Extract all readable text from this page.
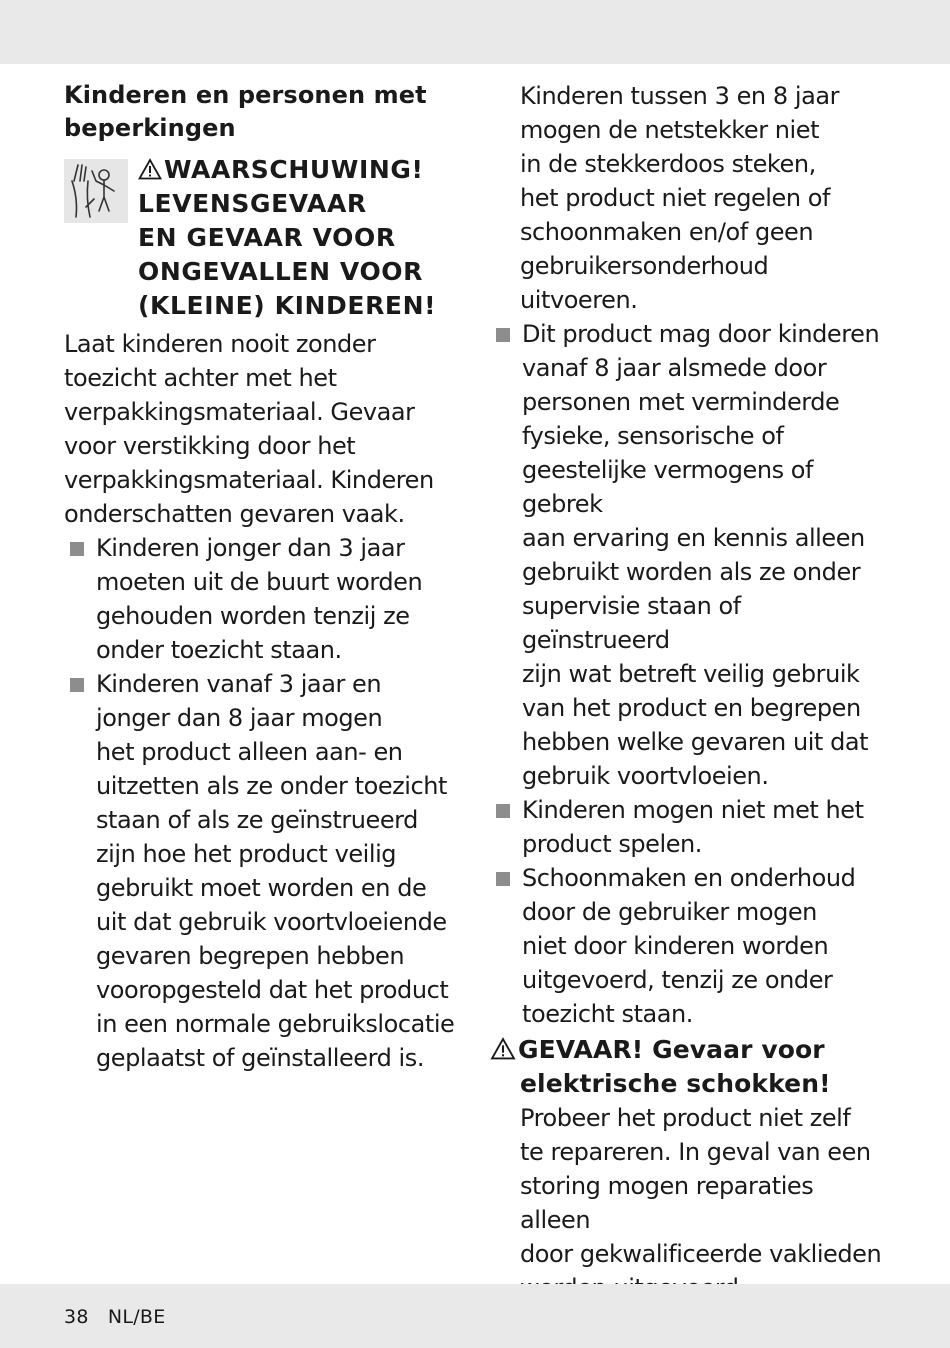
Kinderen en personen met beperkingen
WAARSCHUWING!
LEVENSGEVAAR
EN GEVAAR VOOR
ONGEVALLEN VOOR
(KLEINE) KINDEREN!
Laat kinderen nooit zonder
toezicht achter met het
verpakkingsmateriaal. Gevaar
voor verstikking door het
verpakkingsmateriaal. Kinderen
onderschatten gevaren vaak.
Kinderen jonger dan 3 jaar
moeten uit de buurt worden
gehouden worden tenzij ze
onder toezicht staan.
Kinderen vanaf 3 jaar en
jonger dan 8 jaar mogen
het product alleen aan- en
uitzetten als ze onder toezicht
staan of als ze geïnstrueerd
zijn hoe het product veilig
gebruikt moet worden en de
uit dat gebruik voortvloeiende
gevaren begrepen hebben
vooropgesteld dat het product
in een normale gebruikslocatie
geplaatst of geïnstalleerd is.
Kinderen tussen 3 en 8 jaar
mogen de netstekker niet
in de stekkerdoos steken,
het product niet regelen of
schoonmaken en/of geen
gebruikersonderhoud uitvoeren.
Dit product mag door kinderen
vanaf 8 jaar alsmede door
personen met verminderde
fysieke, sensorische of
geestelijke vermogens of gebrek
aan ervaring en kennis alleen
gebruikt worden als ze onder
supervisie staan of geïnstrueerd
zijn wat betreft veilig gebruik
van het product en begrepen
hebben welke gevaren uit dat
gebruik voortvloeien.
Kinderen mogen niet met het
product spelen.
Schoonmaken en onderhoud
door de gebruiker mogen
niet door kinderen worden
uitgevoerd, tenzij ze onder
toezicht staan.
GEVAAR! Gevaar voor
elektrische schokken!
Probeer het product niet zelf
te repareren. In geval van een
storing mogen reparaties alleen
door gekwalificeerde vaklieden
38 NL/BE
